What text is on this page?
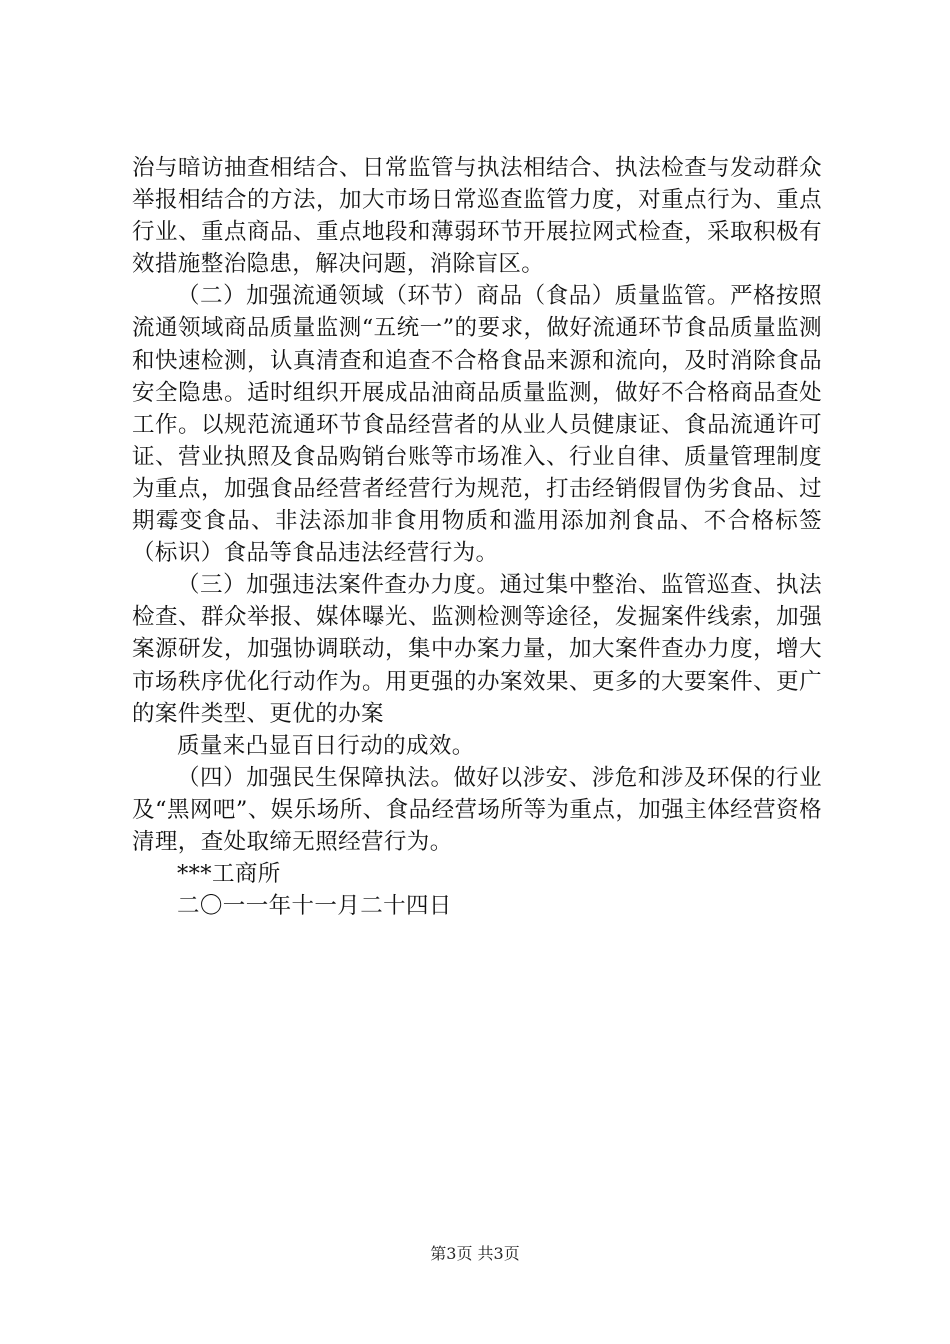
治与暗访抽查相结合、日常监管与执法相结合、执法检查与发动群众举报相结合的方法，加大市场日常巡查监管力度，对重点行为、重点行业、重点商品、重点地段和薄弱环节开展拉网式检查，采取积极有效措施整治隐患，解决问题，消除盲区。

（二）加强流通领域（环节）商品（食品）质量监管。严格按照流通领域商品质量监测“五统一”的要求，做好流通环节食品质量监测和快速检测，认真清查和追查不合格食品来源和流向，及时消除食品安全隐患。适时组织开展成品油商品质量监测，做好不合格商品查处工作。以规范流通环节食品经营者的从业人员健康证、食品流通许可证、营业执照及食品购销台账等市场准入、行业自律、质量管理制度为重点，加强食品经营者经营行为规范，打击经销假冒伪劣食品、过期霉变食品、非法添加非食用物质和滥用添加剂食品、不合格标签（标识）食品等食品违法经营行为。

（三）加强违法案件查办力度。通过集中整治、监管巡查、执法检查、群众举报、媒体曝光、监测检测等途径，发掘案件线索，加强案源研发，加强协调联动，集中办案力量，加大案件查办力度，增大市场秩序优化行动作为。用更强的办案效果、更多的大要案件、更广的案件类型、更优的办案

质量来凸显百日行动的成效。

（四）加强民生保障执法。做好以涉安、涉危和涉及环保的行业及“黑网吧”、娱乐场所、食品经营场所等为重点，加强主体经营资格清理，查处取缔无照经营行为。

***工商所

二〇一一年十一月二十四日

第3页 共3页
